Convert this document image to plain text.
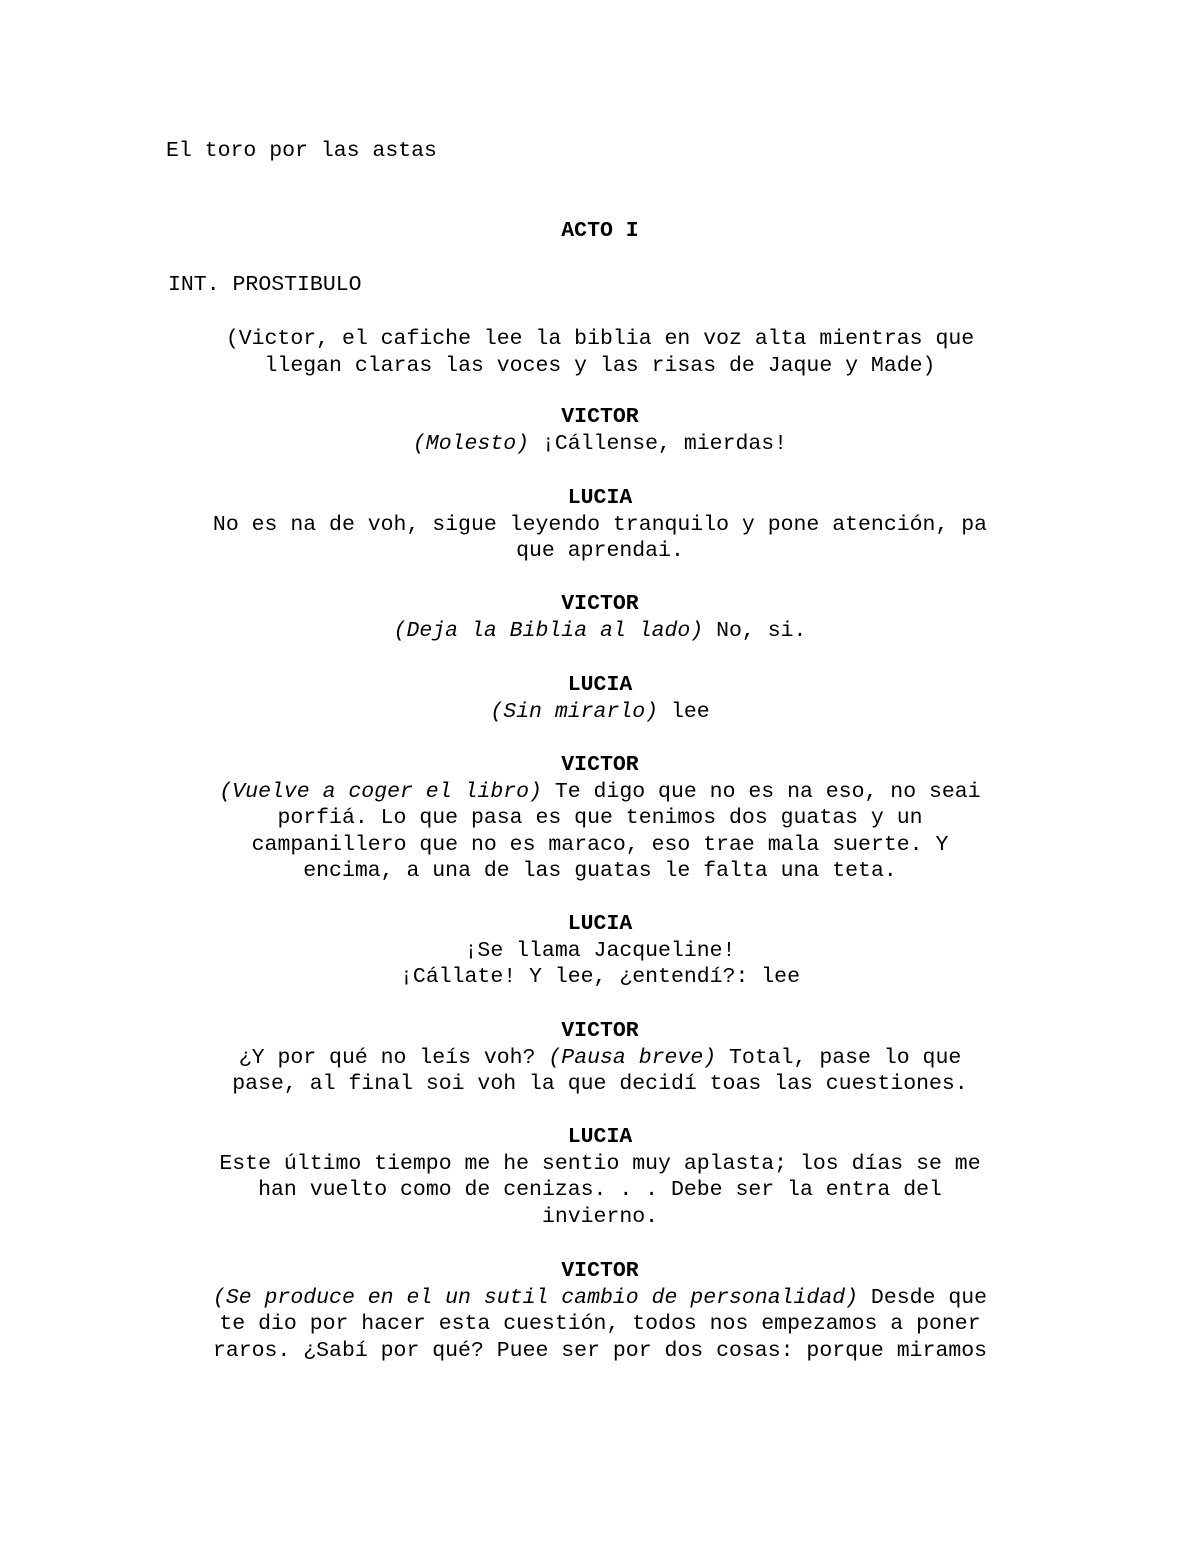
El toro por las astas
ACTO I
INT. PROSTIBULO
(Victor, el cafiche lee la biblia en voz alta mientras que
llegan claras las voces y las risas de Jaque y Made)
VICTOR
(Molesto) ¡Cállense, mierdas!
LUCIA
No es na de voh, sigue leyendo tranquilo y pone atención, pa
que aprendai.
VICTOR
(Deja la Biblia al lado) No, si.
LUCIA
(Sin mirarlo) lee
VICTOR
(Vuelve a coger el libro) Te digo que no es na eso, no seai
porfiá. Lo que pasa es que tenimos dos guatas y un
campanillero que no es maraco, eso trae mala suerte. Y
encima, a una de las guatas le falta una teta.
LUCIA
¡Se llama Jacqueline!
¡Cállate! Y lee, ¿entendí?: lee
VICTOR
¿Y por qué no leís voh? (Pausa breve) Total, pase lo que
pase, al final soi voh la que decidí toas las cuestiones.
LUCIA
Este último tiempo me he sentio muy aplasta; los días se me
han vuelto como de cenizas. . . Debe ser la entra del
invierno.
VICTOR
(Se produce en el un sutil cambio de personalidad) Desde que
te dio por hacer esta cuestión, todos nos empezamos a poner
raros. ¿Sabí por qué? Puee ser por dos cosas: porque miramos
